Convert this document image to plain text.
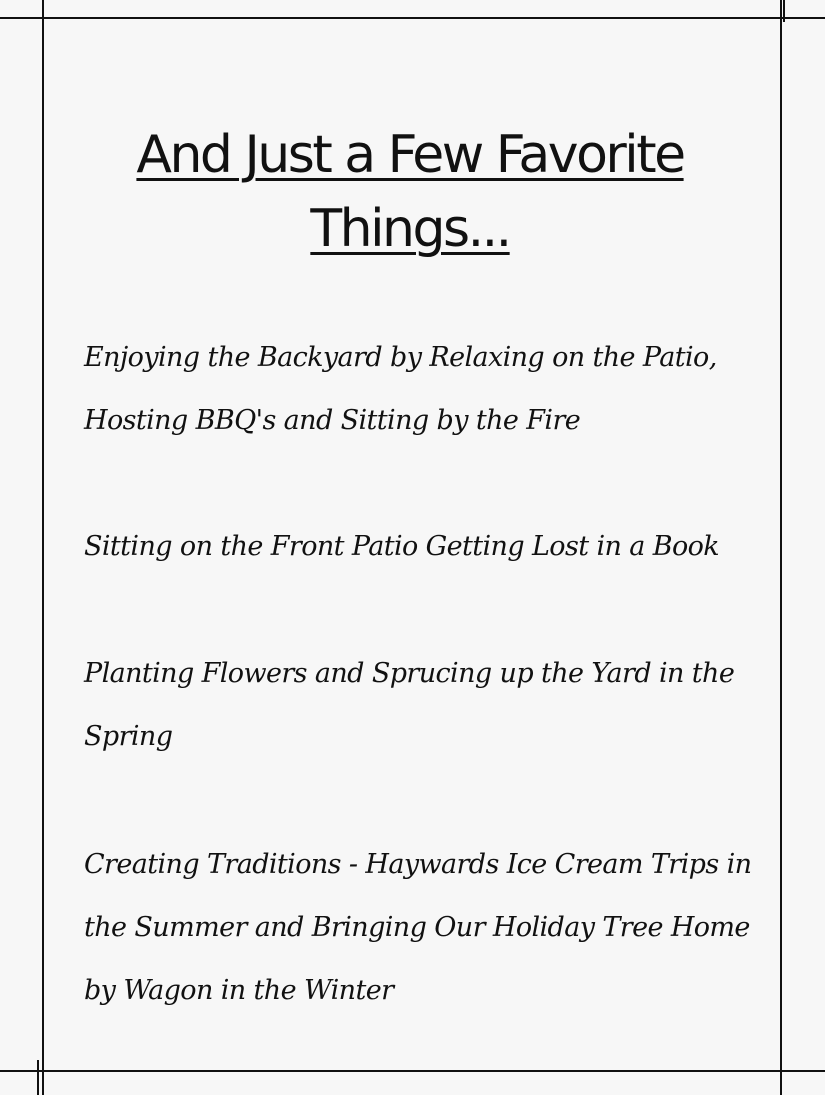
And Just a Few Favorite
Things...

Enjoying the Backyard by Relaxing on the Patio,
Hosting BBQ's and Sitting by the Fire

Sitting on the Front Patio Getting Lost in a Book

Planting Flowers and Sprucing up the Yard in the
Spring

Creating Traditions - Haywards Ice Cream Trips in
the Summer and Bringing Our Holiday Tree Home
by Wagon in the Winter
